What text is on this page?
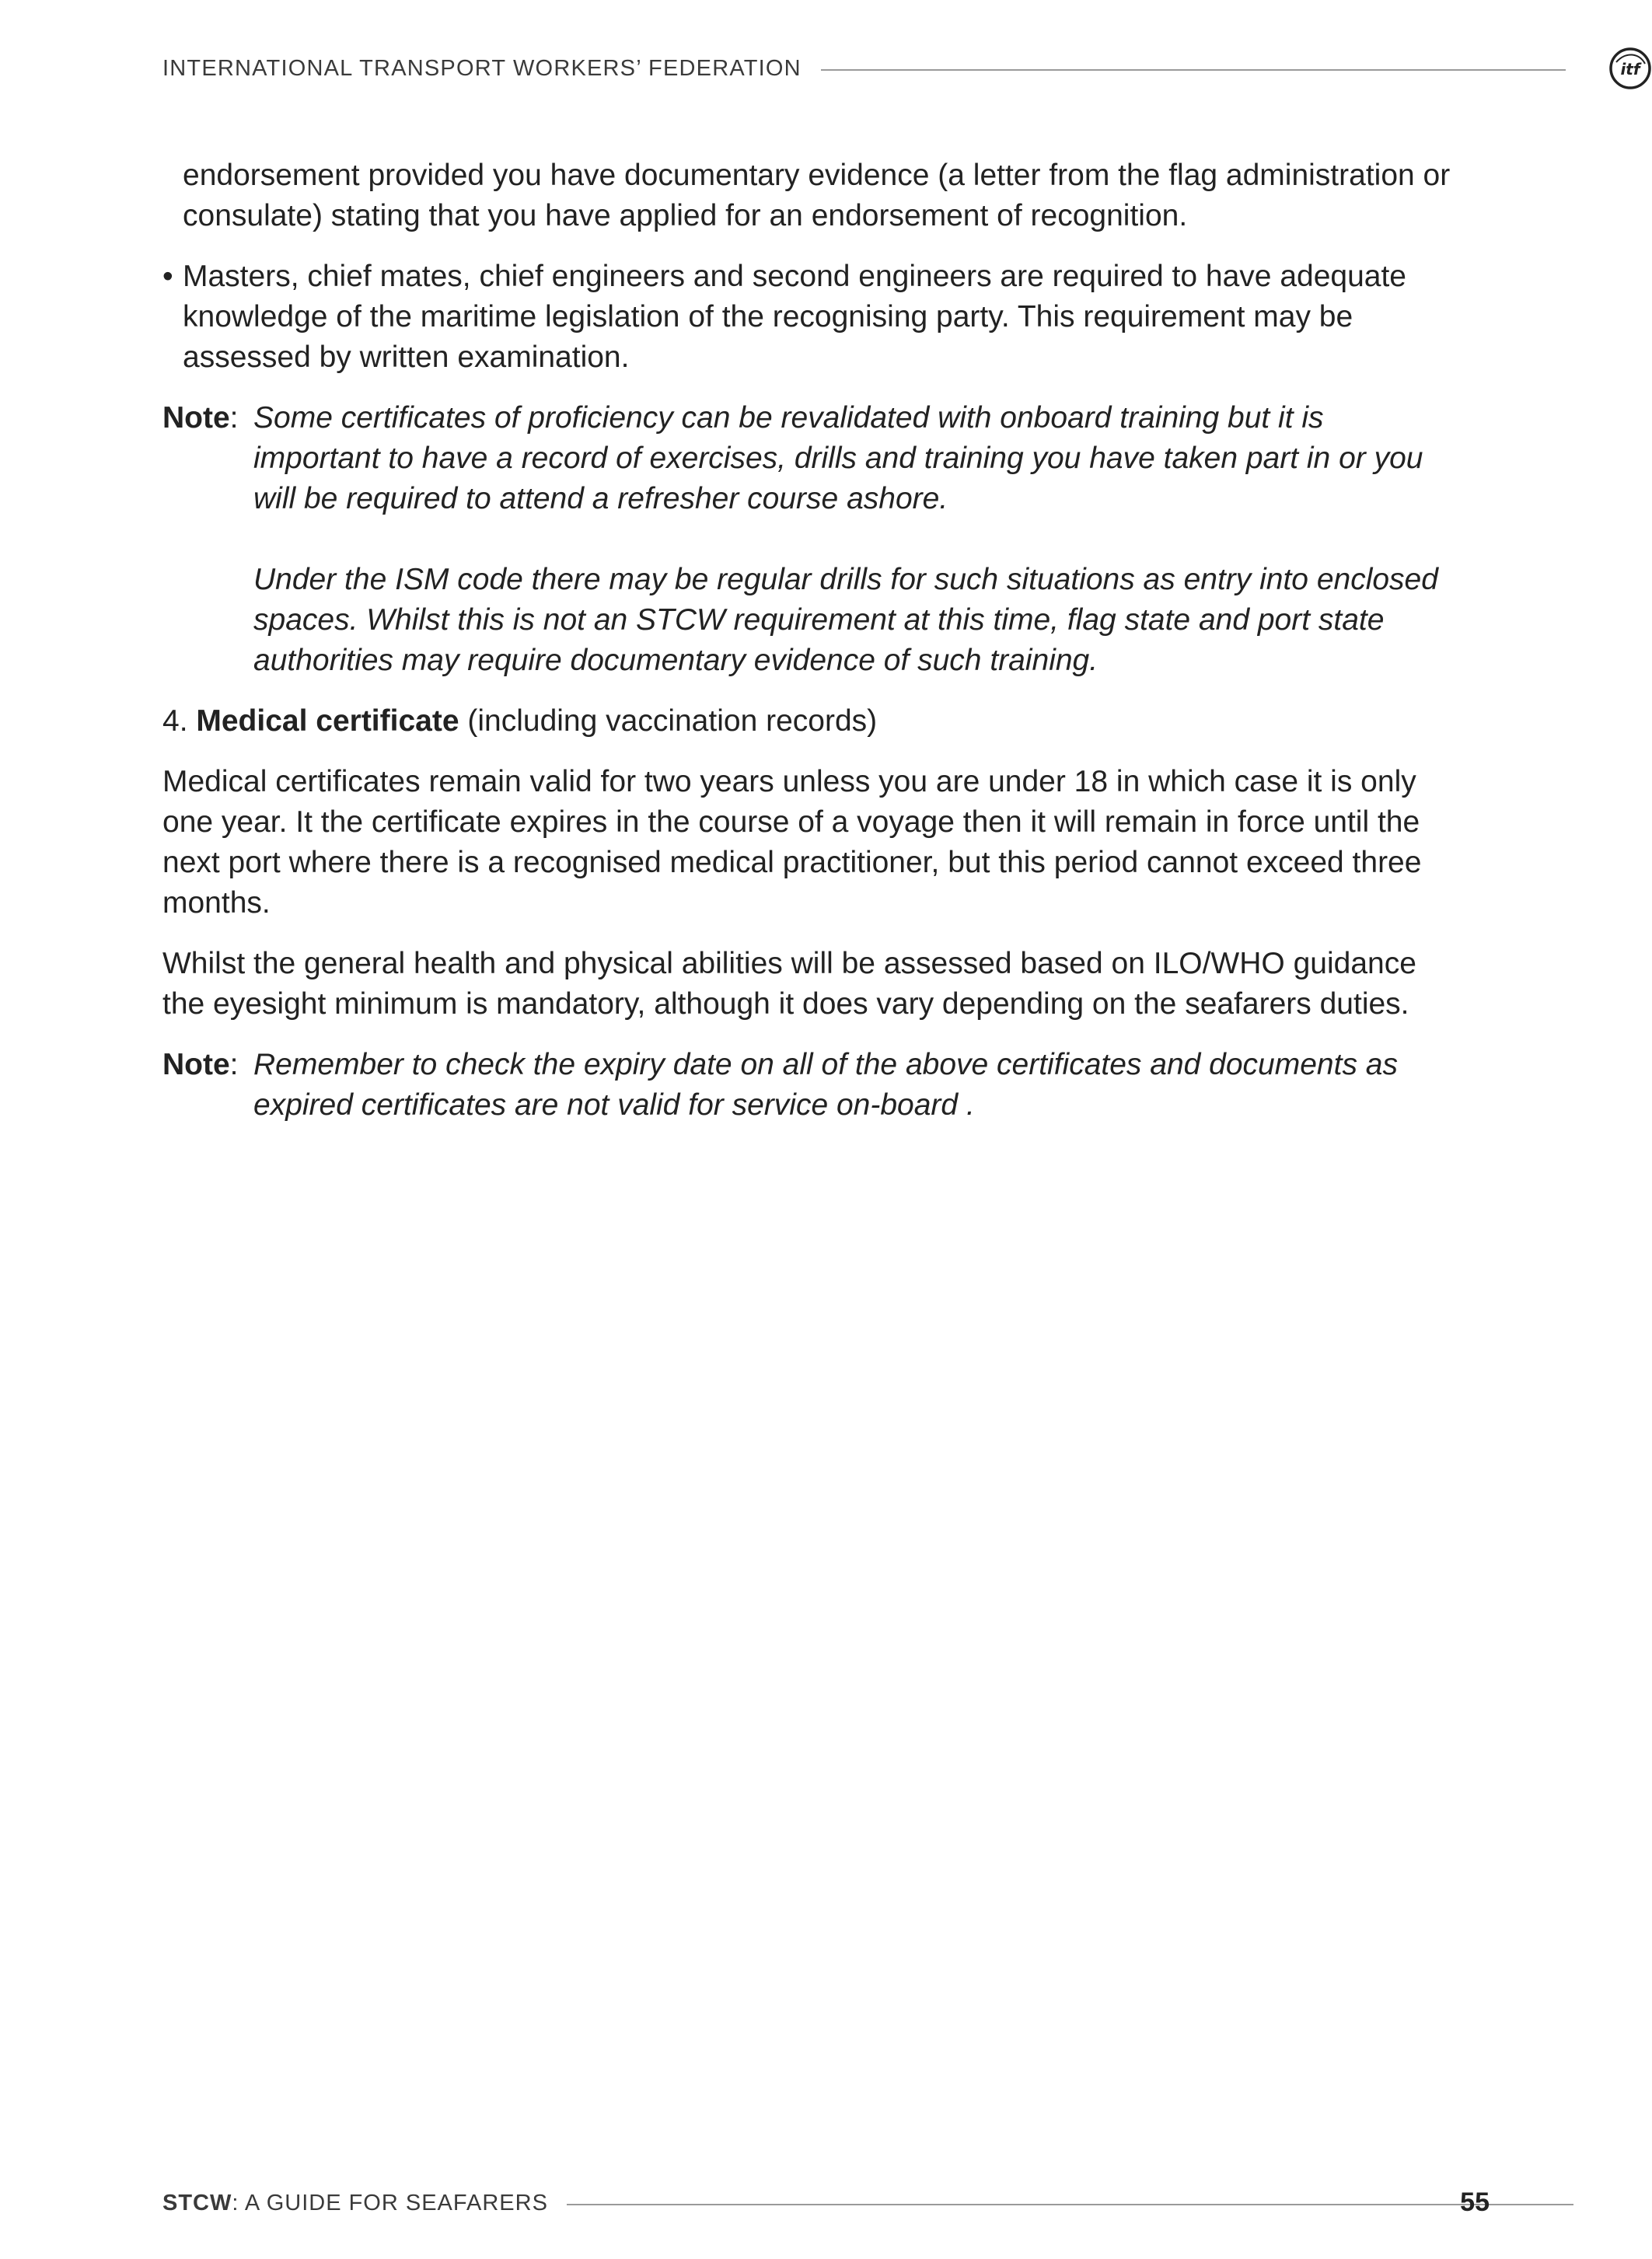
INTERNATIONAL TRANSPORT WORKERS’ FEDERATION	itf

endorsement provided you have documentary evidence (a letter from the flag administration or consulate) stating that you have applied for an endorsement of recognition.

• Masters, chief mates, chief engineers and second engineers are required to have adequate knowledge of the maritime legislation of the recognising party. This requirement may be assessed by written examination.
Note: Some certificates of proficiency can be revalidated with onboard training but it is important to have a record of exercises, drills and training you have taken part in or you will be required to attend a refresher course ashore.

Under the ISM code there may be regular drills for such situations as entry into enclosed spaces. Whilst this is not an STCW requirement at this time, flag state and port state authorities may require documentary evidence of such training.

4. Medical certificate (including vaccination records)

Medical certificates remain valid for two years unless you are under 18 in which case it is only one year. It the certificate expires in the course of a voyage then it will remain in force until the next port where there is a recognised medical practitioner, but this period cannot exceed three months.

Whilst the general health and physical abilities will be assessed based on ILO/WHO guidance the eyesight minimum is mandatory, although it does vary depending on the seafarers duties.

Note: Remember to check the expiry date on all of the above certificates and documents as expired certificates are not valid for service on-board .

STCW: A GUIDE FOR SEAFARERS	55
